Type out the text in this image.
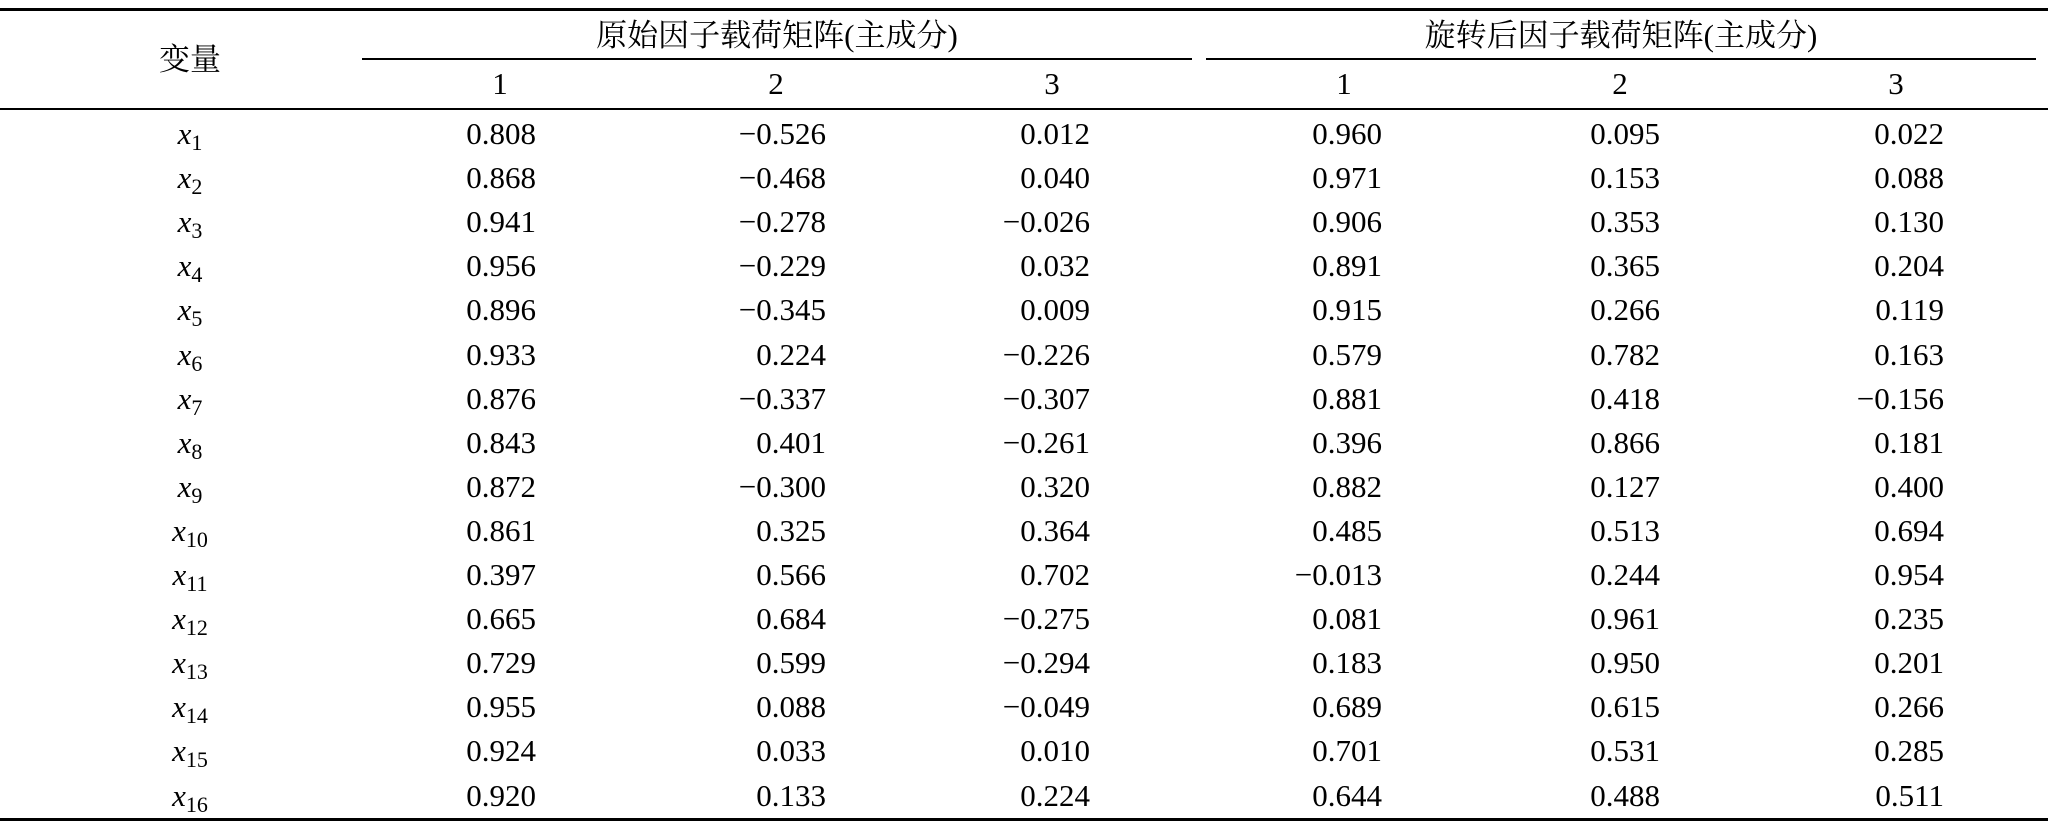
变量
原始因子载荷矩阵(主成分)	旋转后因子载荷矩阵(主成分)
1	2	3	1	2	3
$x_1$	0.808	−0.526	0.012	0.960	0.095	0.022
$x_2$	0.868	−0.468	0.040	0.971	0.153	0.088
$x_3$	0.941	−0.278	−0.026	0.906	0.353	0.130
$x_4$	0.956	−0.229	0.032	0.891	0.365	0.204
$x_5$	0.896	−0.345	0.009	0.915	0.266	0.119
$x_6$	0.933	0.224	−0.226	0.579	0.782	0.163
$x_7$	0.876	−0.337	−0.307	0.881	0.418	−0.156
$x_8$	0.843	0.401	−0.261	0.396	0.866	0.181
$x_9$	0.872	−0.300	0.320	0.882	0.127	0.400
$x_{10}$	0.861	0.325	0.364	0.485	0.513	0.694
$x_{11}$	0.397	0.566	0.702	−0.013	0.244	0.954
$x_{12}$	0.665	0.684	−0.275	0.081	0.961	0.235
$x_{13}$	0.729	0.599	−0.294	0.183	0.950	0.201
$x_{14}$	0.955	0.088	−0.049	0.689	0.615	0.266
$x_{15}$	0.924	0.033	0.010	0.701	0.531	0.285
$x_{16}$	0.920	0.133	0.224	0.644	0.488	0.511
